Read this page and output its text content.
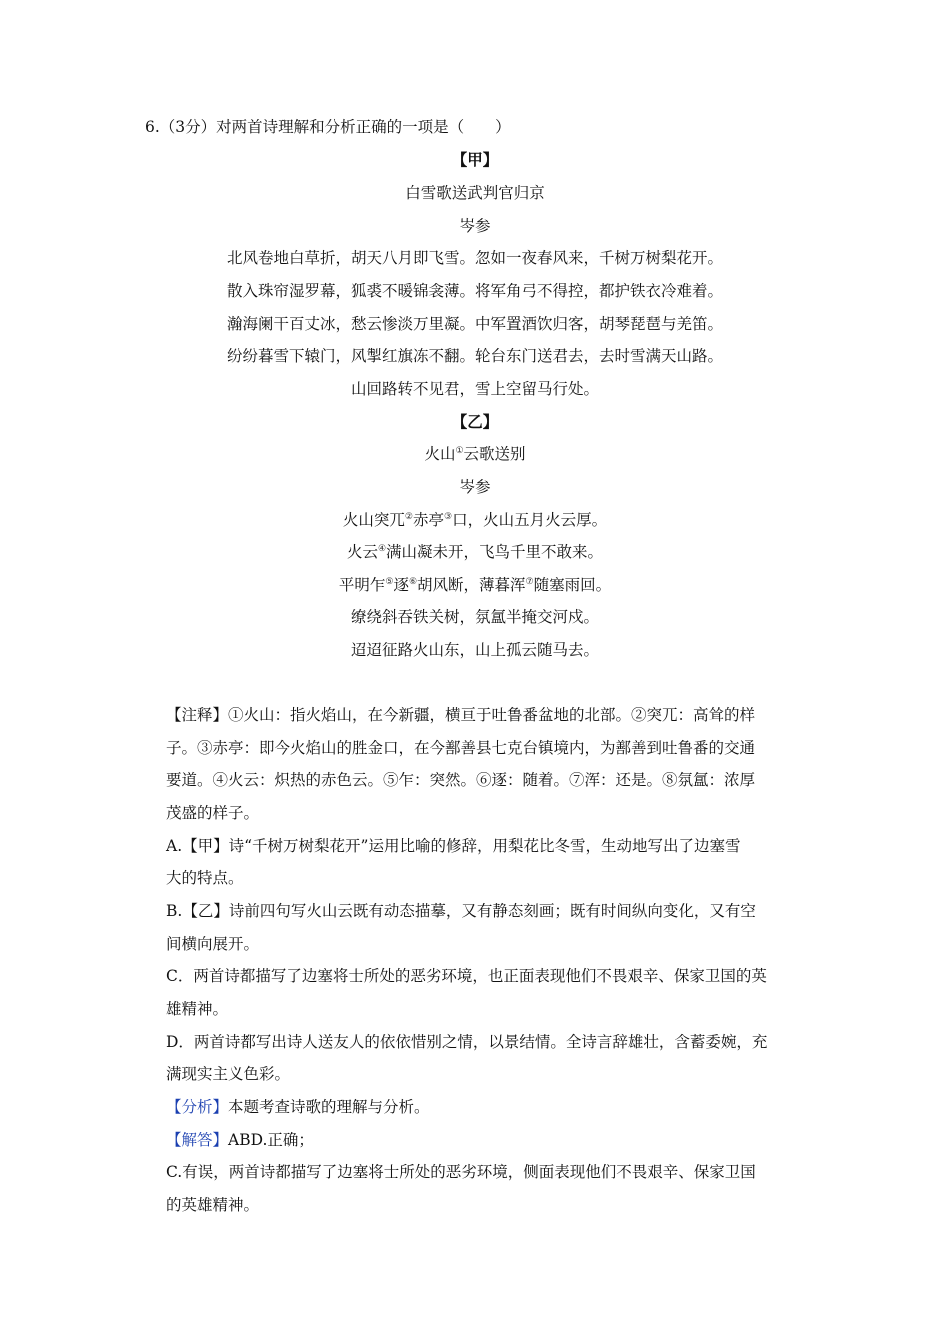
6.（3分）对两首诗理解和分析正确的一项是（　　）
【甲】
白雪歌送武判官归京
岑参
北风卷地白草折，胡天八月即飞雪。忽如一夜春风来，千树万树梨花开。
散入珠帘湿罗幕，狐裘不暖锦衾薄。将军角弓不得控，都护铁衣冷难着。
瀚海阑干百丈冰，愁云惨淡万里凝。中军置酒饮归客，胡琴琵琶与羌笛。
纷纷暮雪下辕门，风掣红旗冻不翻。轮台东门送君去，去时雪满天山路。
山回路转不见君，雪上空留马行处。
【乙】
火山①云歌送别
岑参
火山突兀②赤亭③口，火山五月火云厚。
火云④满山凝未开，飞鸟千里不敢来。
平明乍⑤逐⑥胡风断，薄暮浑⑦随塞雨回。
缭绕斜吞铁关树，氛氲半掩交河戍。
迢迢征路火山东，山上孤云随马去。
【注释】①火山：指火焰山，在今新疆，横亘于吐鲁番盆地的北部。②突兀：高耸的样
子。③赤亭：即今火焰山的胜金口，在今鄯善县七克台镇境内，为鄯善到吐鲁番的交通
要道。④火云：炽热的赤色云。⑤乍：突然。⑥逐：随着。⑦浑：还是。⑧氛氲：浓厚
茂盛的样子。
A.【甲】诗“千树万树梨花开”运用比喻的修辞，用梨花比冬雪，生动地写出了边塞雪
大的特点。
B.【乙】诗前四句写火山云既有动态描摹，又有静态刻画；既有时间纵向变化，又有空
间横向展开。
C．两首诗都描写了边塞将士所处的恶劣环境，也正面表现他们不畏艰辛、保家卫国的英
雄精神。
D．两首诗都写出诗人送友人的依依惜别之情，以景结情。全诗言辞雄壮，含蓄委婉，充
满现实主义色彩。
【分析】本题考查诗歌的理解与分析。
【解答】ABD.正确；
C.有误，两首诗都描写了边塞将士所处的恶劣环境，侧面表现他们不畏艰辛、保家卫国
的英雄精神。
